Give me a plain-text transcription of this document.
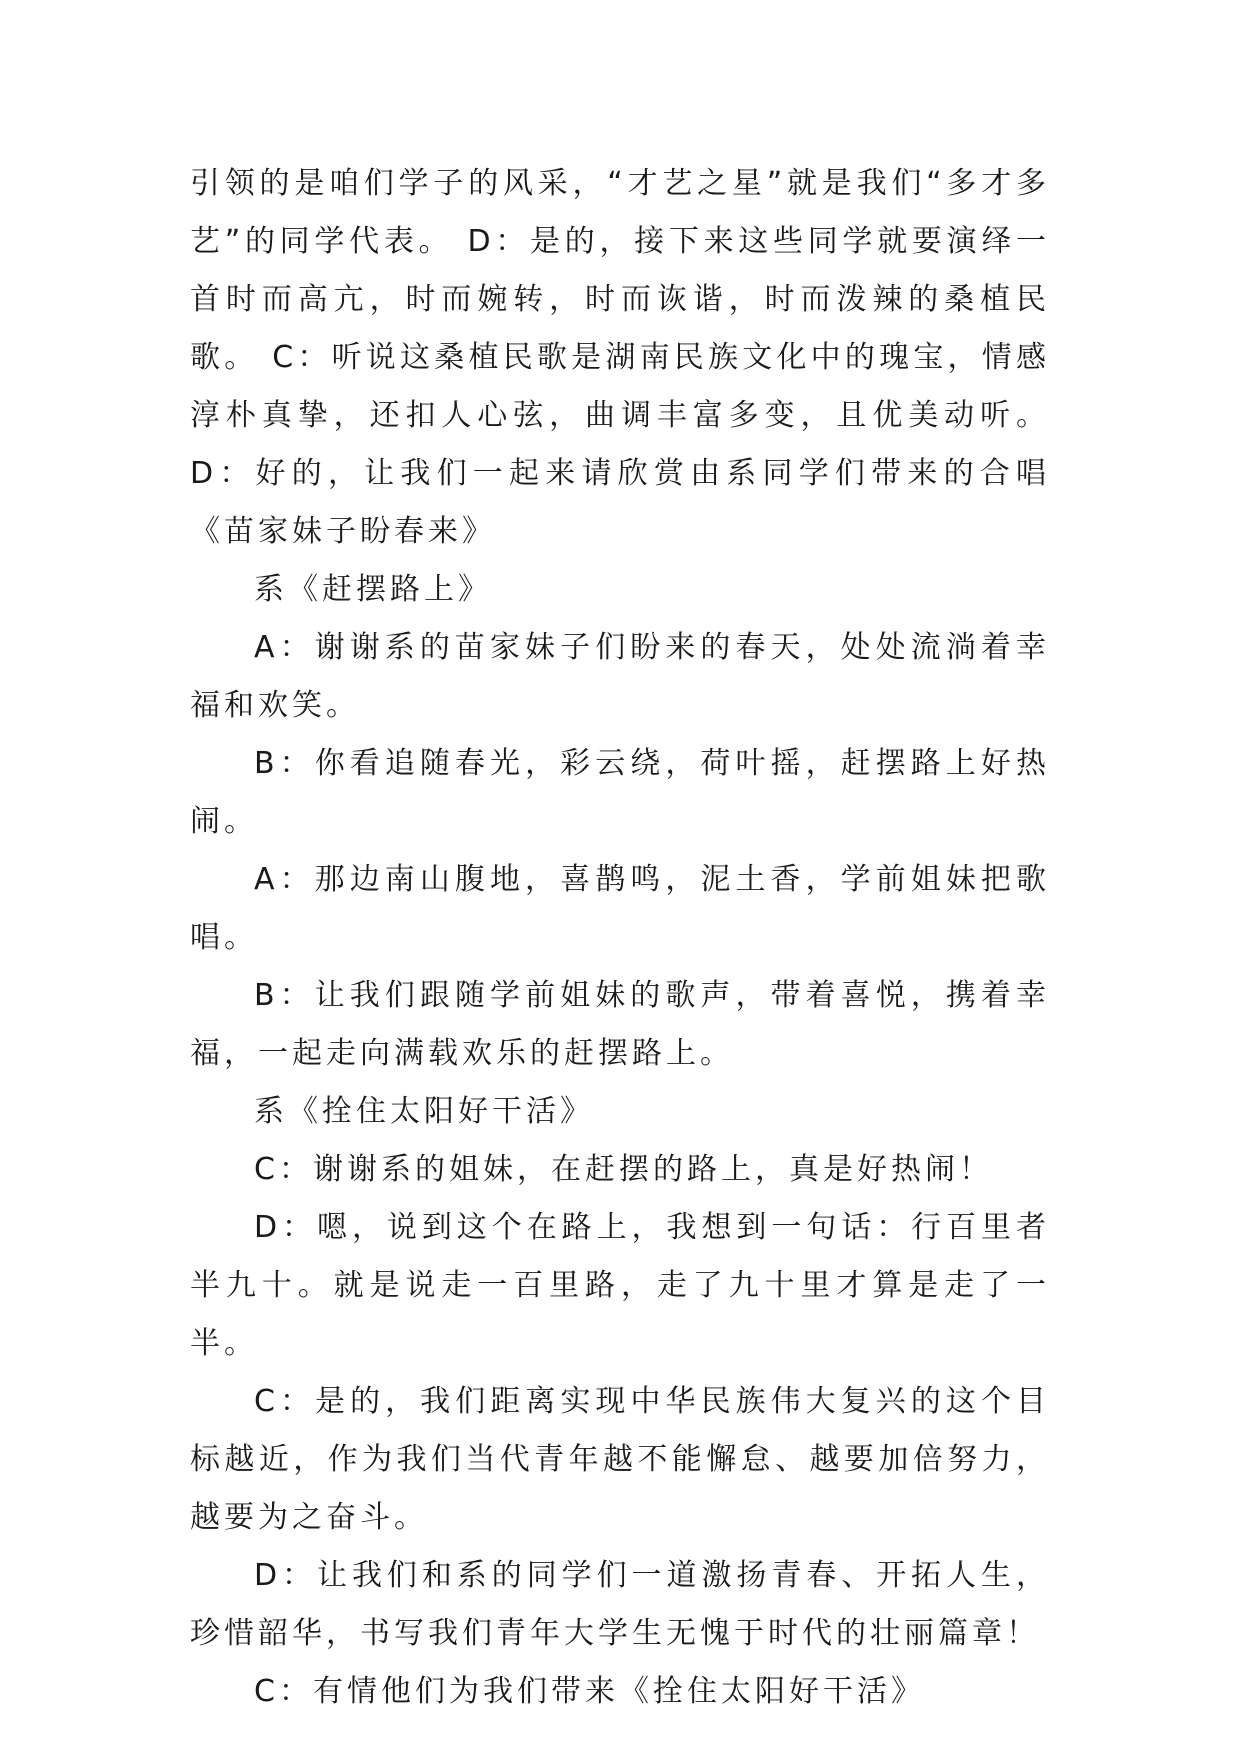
引领的是咱们学子的风采，“才艺之星”就是我们“多才多艺”的同学代表。 D：是的，接下来这些同学就要演绎一首时而高亢，时而婉转，时而诙谐，时而泼辣的桑植民歌。 C：听说这桑植民歌是湖南民族文化中的瑰宝，情感淳朴真挚，还扣人心弦，曲调丰富多变，且优美动听。 D：好的，让我们一起来请欣赏由系同学们带来的合唱《苗家妹子盼春来》

系《赶摆路上》

A：谢谢系的苗家妹子们盼来的春天，处处流淌着幸福和欢笑。

B：你看追随春光，彩云绕，荷叶摇，赶摆路上好热闹。

A：那边南山腹地，喜鹊鸣，泥土香，学前姐妹把歌唱。

B：让我们跟随学前姐妹的歌声，带着喜悦，携着幸福，一起走向满载欢乐的赶摆路上。

系《拴住太阳好干活》

C：谢谢系的姐妹，在赶摆的路上，真是好热闹！

D：嗯，说到这个在路上，我想到一句话：行百里者半九十。就是说走一百里路，走了九十里才算是走了一半。

C：是的，我们距离实现中华民族伟大复兴的这个目标越近，作为我们当代青年越不能懈怠、越要加倍努力，越要为之奋斗。

D：让我们和系的同学们一道激扬青春、开拓人生，珍惜韶华，书写我们青年大学生无愧于时代的壮丽篇章！

C：有情他们为我们带来《拴住太阳好干活》
